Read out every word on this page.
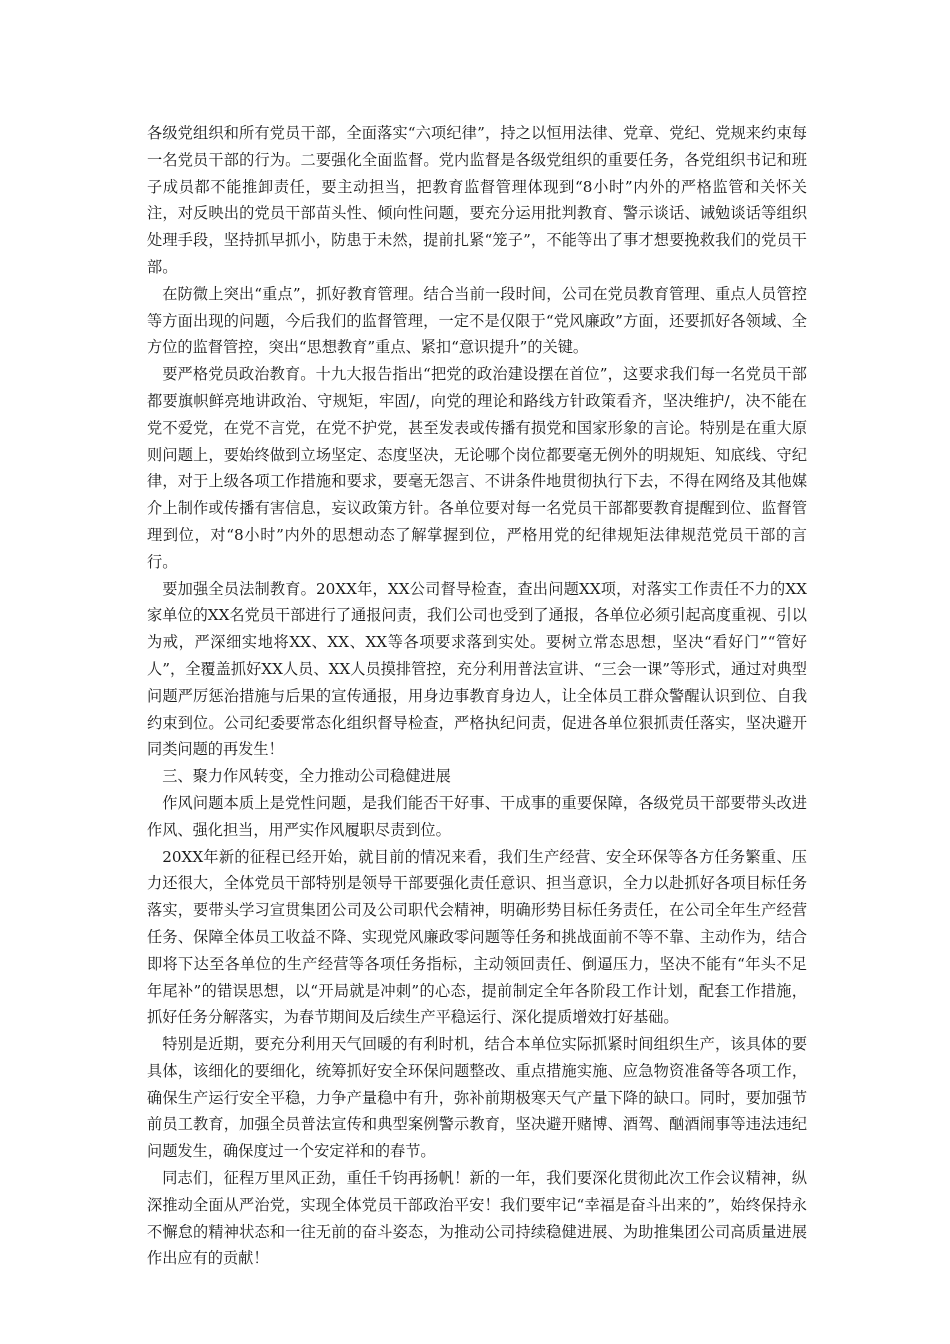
各级党组织和所有党员干部，全面落实“六项纪律”，持之以恒用法律、党章、党纪、党规来约束每一名党员干部的行为。二要强化全面监督。党内监督是各级党组织的重要任务，各党组织书记和班子成员都不能推卸责任，要主动担当，把教育监督管理体现到“8小时”内外的严格监管和关怀关注，对反映出的党员干部苗头性、倾向性问题，要充分运用批判教育、警示谈话、诫勉谈话等组织处理手段，坚持抓早抓小，防患于未然，提前扎紧“笼子”，不能等出了事才想要挽救我们的党员干部。

在防微上突出“重点”，抓好教育管理。结合当前一段时间，公司在党员教育管理、重点人员管控等方面出现的问题，今后我们的监督管理，一定不是仅限于“党风廉政”方面，还要抓好各领域、全方位的监督管控，突出“思想教育”重点、紧扣“意识提升”的关键。

要严格党员政治教育。十九大报告指出“把党的政治建设摆在首位”，这要求我们每一名党员干部都要旗帜鲜亮地讲政治、守规矩，牢固/，向党的理论和路线方针政策看齐，坚决维护/，决不能在党不爱党，在党不言党，在党不护党，甚至发表或传播有损党和国家形象的言论。特别是在重大原则问题上，要始终做到立场坚定、态度坚决，无论哪个岗位都要毫无例外的明规矩、知底线、守纪律，对于上级各项工作措施和要求，要毫无怨言、不讲条件地贯彻执行下去，不得在网络及其他媒介上制作或传播有害信息，妄议政策方针。各单位要对每一名党员干部都要教育提醒到位、监督管理到位，对“8小时”内外的思想动态了解掌握到位，严格用党的纪律规矩法律规范党员干部的言行。

要加强全员法制教育。20XX年，XX公司督导检查，查出问题XX项，对落实工作责任不力的XX家单位的XX名党员干部进行了通报问责，我们公司也受到了通报，各单位必须引起高度重视、引以为戒，严深细实地将XX、XX、XX等各项要求落到实处。要树立常态思想，坚决“看好门”“管好人”，全覆盖抓好XX人员、XX人员摸排管控，充分利用普法宣讲、“三会一课”等形式，通过对典型问题严厉惩治措施与后果的宣传通报，用身边事教育身边人，让全体员工群众警醒认识到位、自我约束到位。公司纪委要常态化组织督导检查，严格执纪问责，促进各单位狠抓责任落实，坚决避开同类问题的再发生！

三、聚力作风转变，全力推动公司稳健进展

作风问题本质上是党性问题，是我们能否干好事、干成事的重要保障，各级党员干部要带头改进作风、强化担当，用严实作风履职尽责到位。

20XX年新的征程已经开始，就目前的情况来看，我们生产经营、安全环保等各方任务繁重、压力还很大，全体党员干部特别是领导干部要强化责任意识、担当意识，全力以赴抓好各项目标任务落实，要带头学习宣贯集团公司及公司职代会精神，明确形势目标任务责任，在公司全年生产经营任务、保障全体员工收益不降、实现党风廉政零问题等任务和挑战面前不等不靠、主动作为，结合即将下达至各单位的生产经营等各项任务指标，主动领回责任、倒逼压力，坚决不能有“年头不足年尾补”的错误思想，以“开局就是冲刺”的心态，提前制定全年各阶段工作计划，配套工作措施，抓好任务分解落实，为春节期间及后续生产平稳运行、深化提质增效打好基础。

特别是近期，要充分利用天气回暖的有利时机，结合本单位实际抓紧时间组织生产，该具体的要具体，该细化的要细化，统筹抓好安全环保问题整改、重点措施实施、应急物资准备等各项工作，确保生产运行安全平稳，力争产量稳中有升，弥补前期极寒天气产量下降的缺口。同时，要加强节前员工教育，加强全员普法宣传和典型案例警示教育，坚决避开赌博、酒驾、酗酒闹事等违法违纪问题发生，确保度过一个安定祥和的春节。

同志们，征程万里风正劲，重任千钧再扬帆！新的一年，我们要深化贯彻此次工作会议精神，纵深推动全面从严治党，实现全体党员干部政治平安！我们要牢记“幸福是奋斗出来的”，始终保持永不懈怠的精神状态和一往无前的奋斗姿态，为推动公司持续稳健进展、为助推集团公司高质量进展作出应有的贡献！
